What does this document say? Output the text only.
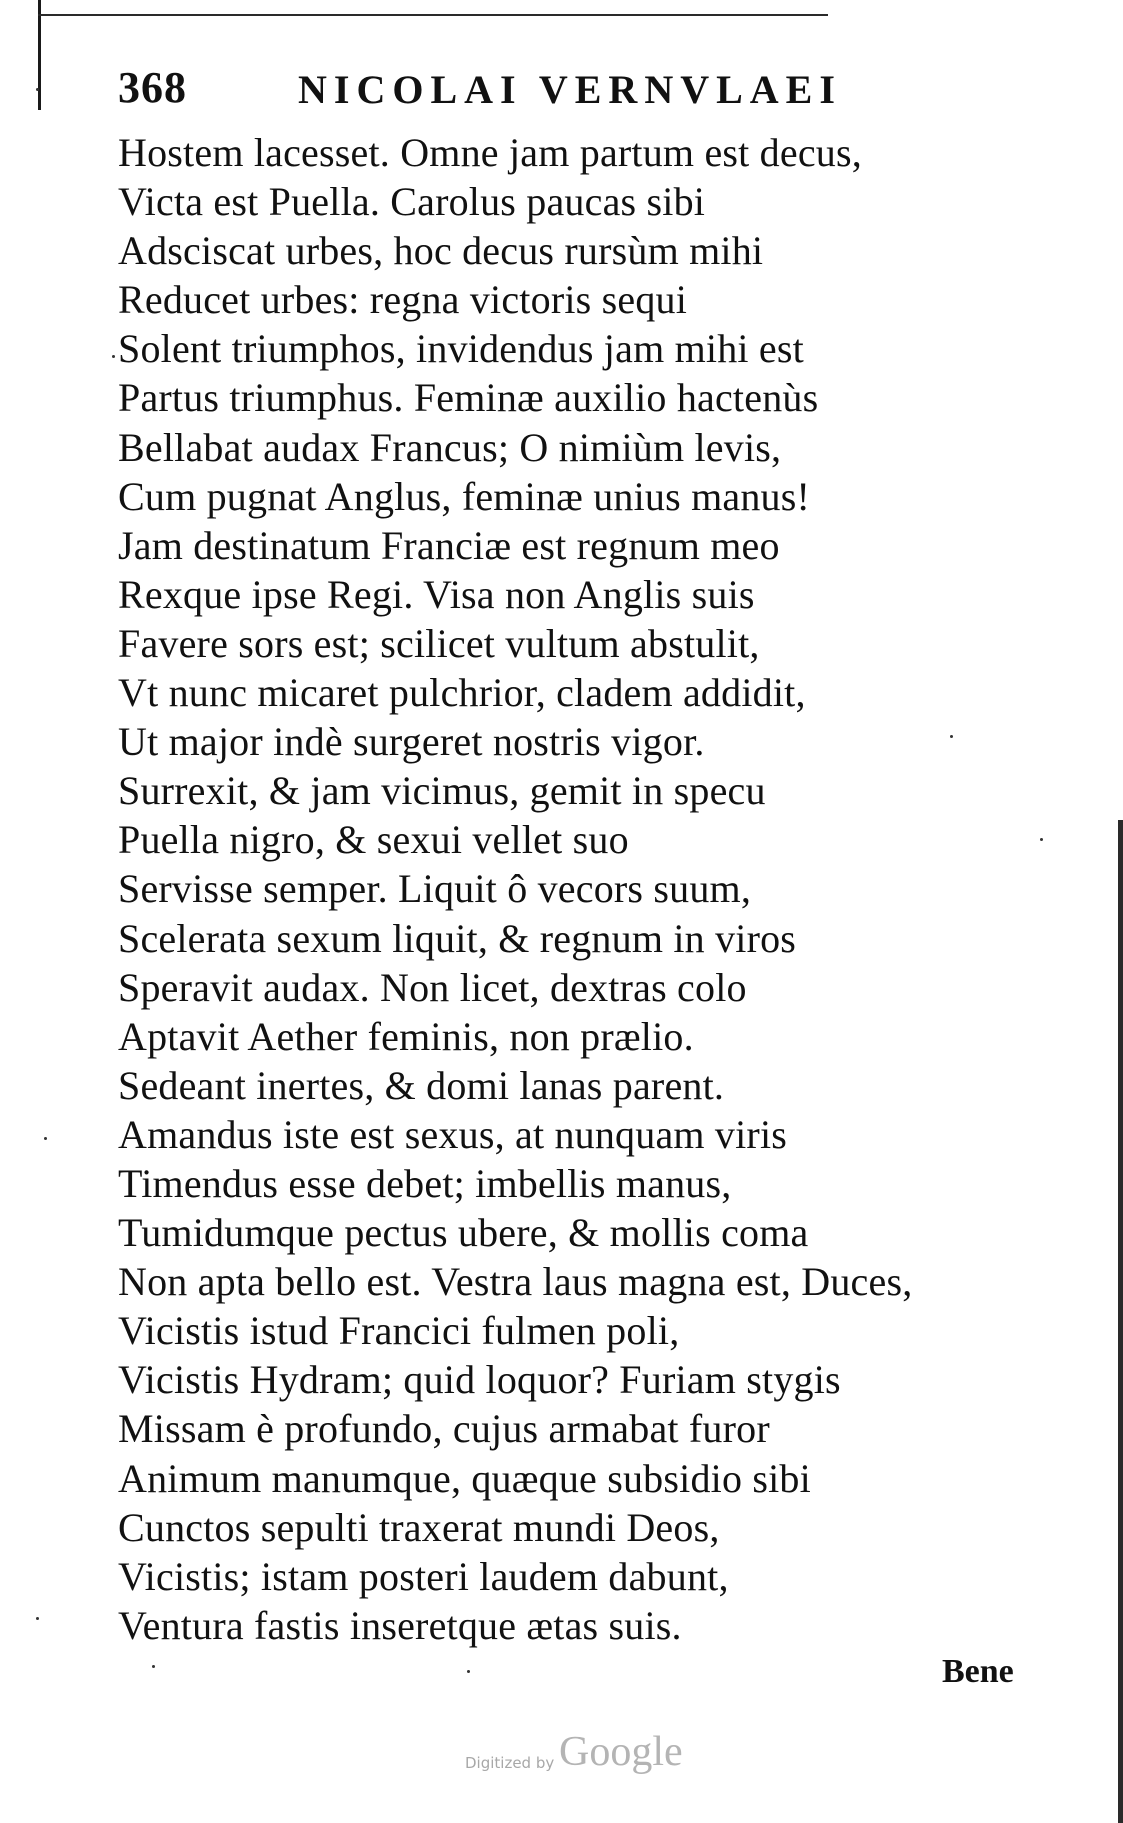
368	NICOLAI VERNVLAEI
Hostem lacesset. Omne jam partum est decus,
Victa est Puella. Carolus paucas sibi
Adsciscat urbes, hoc decus rursùm mihi
Reducet urbes: regna victoris sequi
Solent triumphos, invidendus jam mihi est
Partus triumphus. Feminæ auxilio hactenùs
Bellabat audax Francus; O nimiùm levis,
Cum pugnat Anglus, feminæ unius manus!
Jam destinatum Franciæ est regnum meo
Rexque ipse Regi. Visa non Anglis suis
Favere sors est; scilicet vultum abstulit,
Vt nunc micaret pulchrior, cladem addidit,
Ut major indè surgeret nostris vigor.
Surrexit, & jam vicimus, gemit in specu
Puella nigro, & sexui vellet suo
Servisse semper. Liquit ô vecors suum,
Scelerata sexum liquit, & regnum in viros
Speravit audax. Non licet, dextras colo
Aptavit Aether feminis, non prælio.
Sedeant inertes, & domi lanas parent.
Amandus iste est sexus, at nunquam viris
Timendus esse debet; imbellis manus,
Tumidumque pectus ubere, & mollis coma
Non apta bello est. Vestra laus magna est, Duces,
Vicistis istud Francici fulmen poli,
Vicistis Hydram; quid loquor? Furiam stygis
Missam è profundo, cujus armabat furor
Animum manumque, quæque subsidio sibi
Cunctos sepulti traxerat mundi Deos,
Vicistis; istam posteri laudem dabunt,
Ventura fastis inseretque ætas suis.
Bene
Digitized by Google
